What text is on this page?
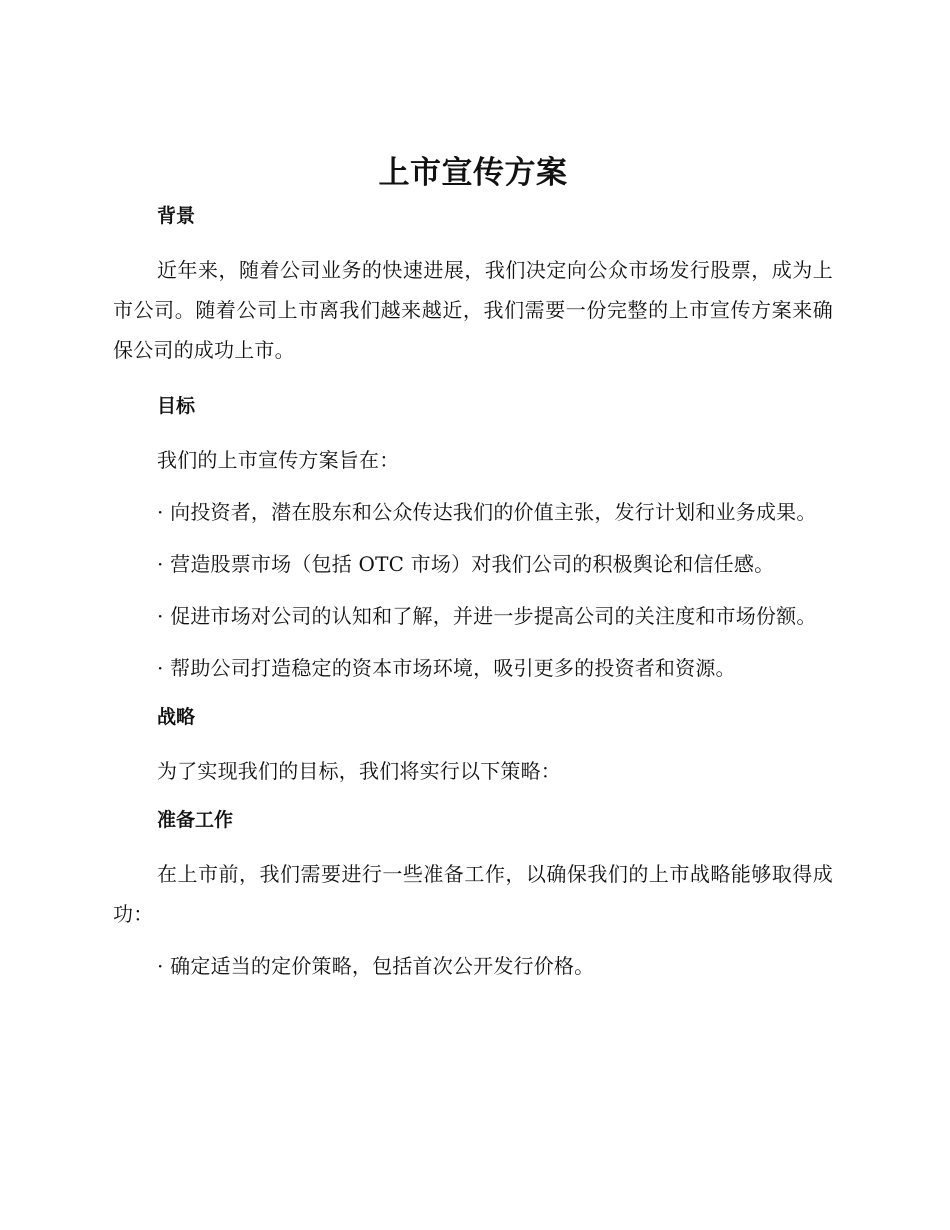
上市宣传方案
背景

近年来，随着公司业务的快速进展，我们决定向公众市场发行股票，成为上市公司。随着公司上市离我们越来越近，我们需要一份完整的上市宣传方案来确保公司的成功上市。

目标

我们的上市宣传方案旨在：

· 向投资者，潜在股东和公众传达我们的价值主张，发行计划和业务成果。

· 营造股票市场（包括 OTC 市场）对我们公司的积极舆论和信任感。

· 促进市场对公司的认知和了解，并进一步提高公司的关注度和市场份额。

· 帮助公司打造稳定的资本市场环境，吸引更多的投资者和资源。

战略

为了实现我们的目标，我们将实行以下策略：

准备工作

在上市前，我们需要进行一些准备工作，以确保我们的上市战略能够取得成功：

· 确定适当的定价策略，包括首次公开发行价格。
